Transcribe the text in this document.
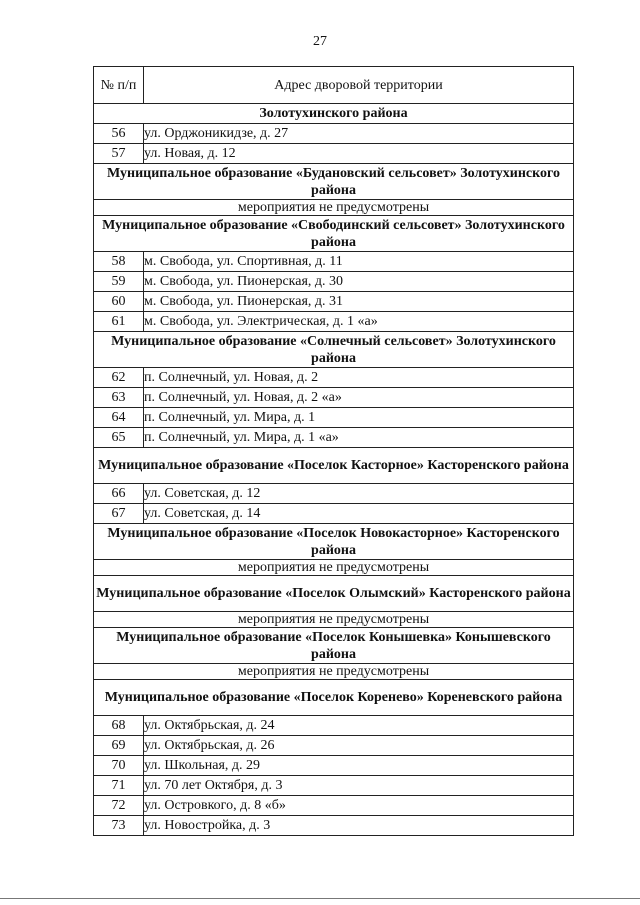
27
№ п/п	Адрес дворовой территории
Золотухинского района	
56	ул. Орджоникидзе, д. 27
57	ул. Новая, д. 12
Муниципальное образование «Будановский сельсовет» Золотухинского района	
мероприятия не предусмотрены	
Муниципальное образование «Свободинский сельсовет» Золотухинского района	
58	м. Свобода, ул. Спортивная, д. 11
59	м. Свобода, ул. Пионерская, д. 30
60	м. Свобода, ул. Пионерская, д. 31
61	м. Свобода, ул. Электрическая, д. 1 «а»
Муниципальное образование «Солнечный сельсовет» Золотухинского района	
62	п. Солнечный, ул. Новая, д. 2
63	п. Солнечный, ул. Новая, д. 2 «а»
64	п. Солнечный, ул. Мира, д. 1
65	п. Солнечный, ул. Мира, д. 1 «а»
Муниципальное образование «Поселок Касторное» Касторенского района	
66	ул. Советская, д. 12
67	ул. Советская, д. 14
Муниципальное образование «Поселок Новокасторное» Касторенского района	
мероприятия не предусмотрены	
Муниципальное образование «Поселок Олымский» Касторенского района	
мероприятия не предусмотрены	
Муниципальное образование «Поселок Конышевка» Конышевского района	
мероприятия не предусмотрены	
Муниципальное образование «Поселок Коренево» Кореневского района	
68	ул. Октябрьская, д. 24
69	ул. Октябрьская, д. 26
70	ул. Школьная, д. 29
71	ул. 70 лет Октября, д. 3
72	ул. Островкого, д. 8 «б»
73	ул. Новостройка, д. 3
